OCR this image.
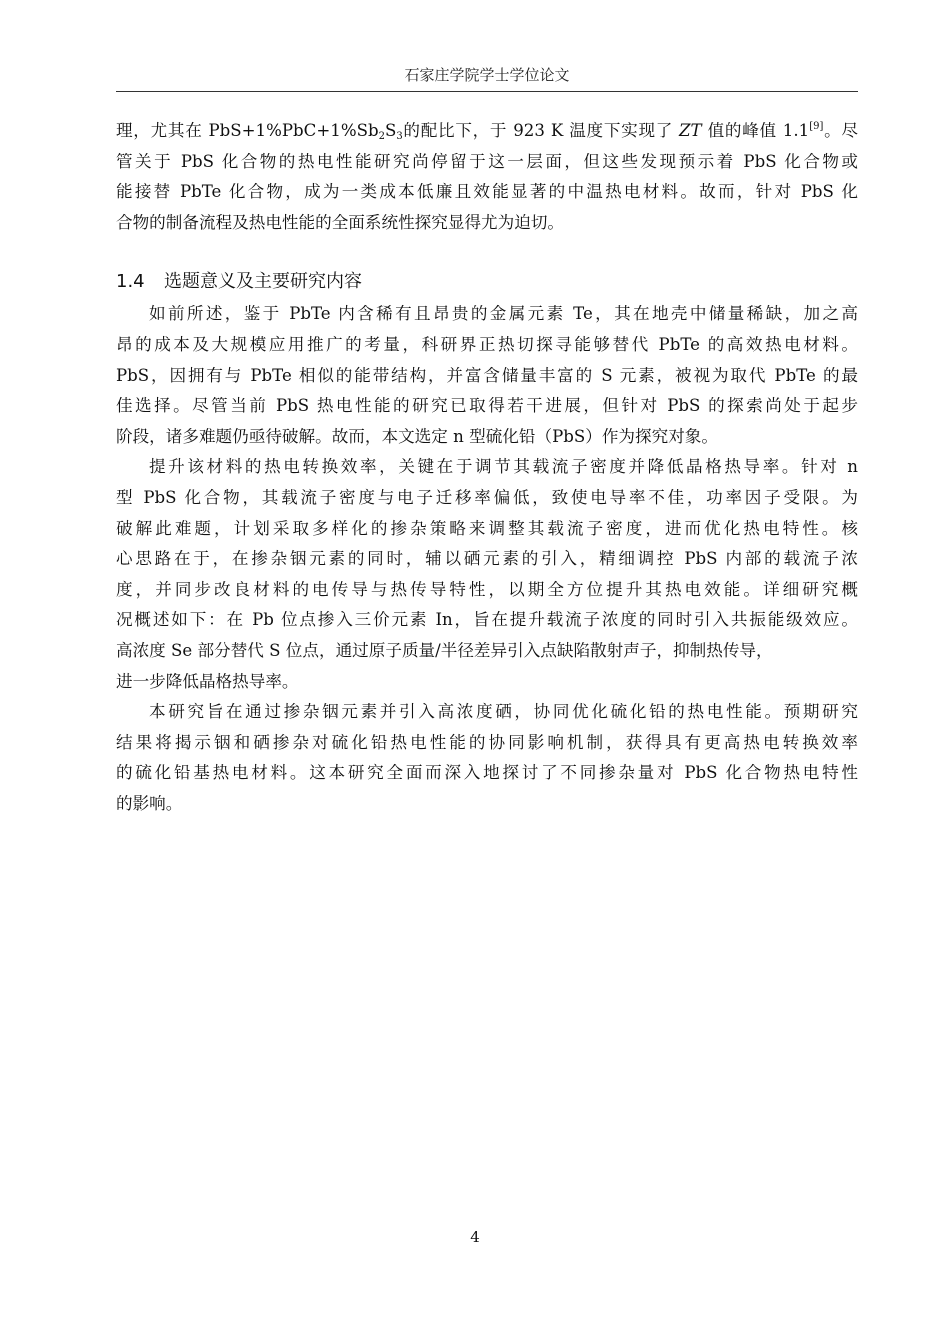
石家庄学院学士学位论文
理，尤其在 $PbS+1\%PbC+1\%Sb_2S_3$的配比下，于 923 K 温度下实现了 ZT 值的峰值 1.1[9]。尽
管关于 PbS 化合物的热电性能研究尚停留于这一层面，但这些发现预示着 PbS 化合物或
能接替 PbTe 化合物，成为一类成本低廉且效能显著的中温热电材料。故而，针对 PbS 化
合物的制备流程及热电性能的全面系统性探究显得尤为迫切。
1.4 选题意义及主要研究内容
如前所述，鉴于 PbTe 内含稀有且昂贵的金属元素 Te，其在地壳中储量稀缺，加之高
昂的成本及大规模应用推广的考量，科研界正热切探寻能够替代 PbTe 的高效热电材料。
PbS，因拥有与 PbTe 相似的能带结构，并富含储量丰富的 S 元素，被视为取代 PbTe 的最
佳选择。尽管当前 PbS 热电性能的研究已取得若干进展，但针对 PbS 的探索尚处于起步
阶段，诸多难题仍亟待破解。故而，本文选定 n 型硫化铅（PbS）作为探究对象。
提升该材料的热电转换效率，关键在于调节其载流子密度并降低晶格热导率。针对 n
型 PbS 化合物，其载流子密度与电子迁移率偏低，致使电导率不佳，功率因子受限。为
破解此难题，计划采取多样化的掺杂策略来调整其载流子密度，进而优化热电特性。核
心思路在于，在掺杂铟元素的同时，辅以硒元素的引入，精细调控 PbS 内部的载流子浓
度，并同步改良材料的电传导与热传导特性，以期全方位提升其热电效能。详细研究概
况概述如下：在 Pb 位点掺入三价元素 In，旨在提升载流子浓度的同时引入共振能级效应。
高浓度 Se 部分替代 S 位点，通过原子质量/半径差异引入点缺陷散射声子，抑制热传导，
进一步降低晶格热导率。
本研究旨在通过掺杂铟元素并引入高浓度硒，协同优化硫化铅的热电性能。预期研究
结果将揭示铟和硒掺杂对硫化铅热电性能的协同影响机制，获得具有更高热电转换效率
的硫化铅基热电材料。这本研究全面而深入地探讨了不同掺杂量对 PbS 化合物热电特性
的影响。
4
